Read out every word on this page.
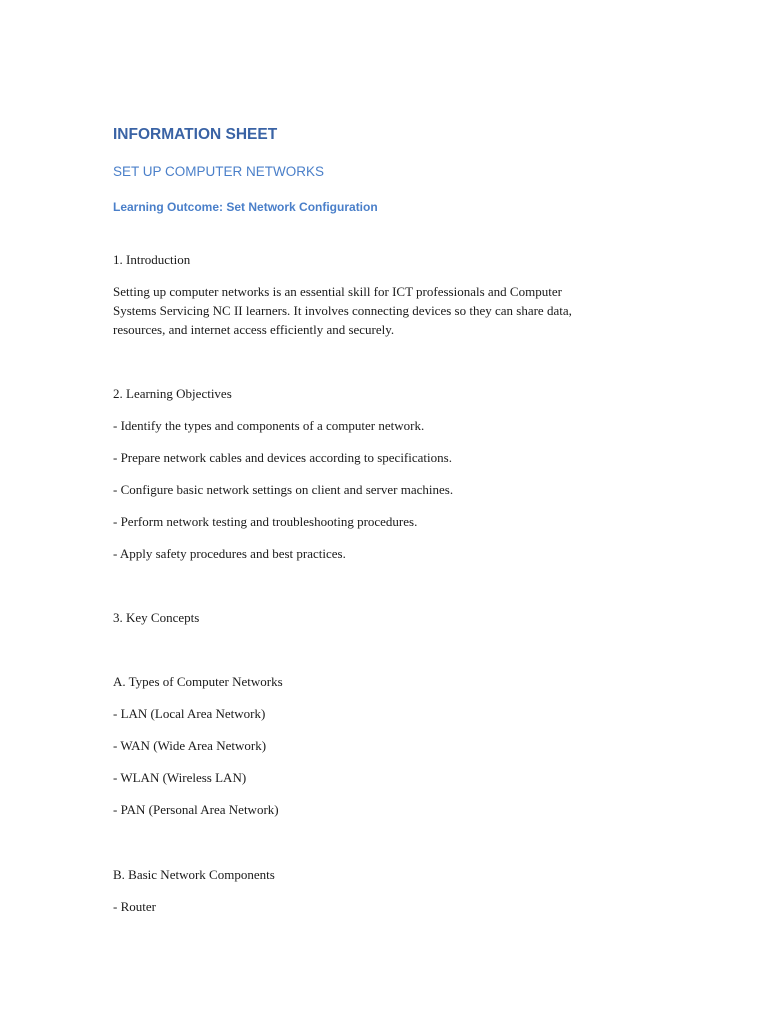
INFORMATION SHEET
SET UP COMPUTER NETWORKS
Learning Outcome: Set Network Configuration

1. Introduction

Setting up computer networks is an essential skill for ICT professionals and Computer

Systems Servicing NC II learners. It involves connecting devices so they can share data,

resources, and internet access efficiently and securely.

2. Learning Objectives

- Identify the types and components of a computer network.

- Prepare network cables and devices according to specifications.

- Configure basic network settings on client and server machines.

- Perform network testing and troubleshooting procedures.

- Apply safety procedures and best practices.

3. Key Concepts

A. Types of Computer Networks

- LAN (Local Area Network)

- WAN (Wide Area Network)

- WLAN (Wireless LAN)

- PAN (Personal Area Network)

B. Basic Network Components

- Router
